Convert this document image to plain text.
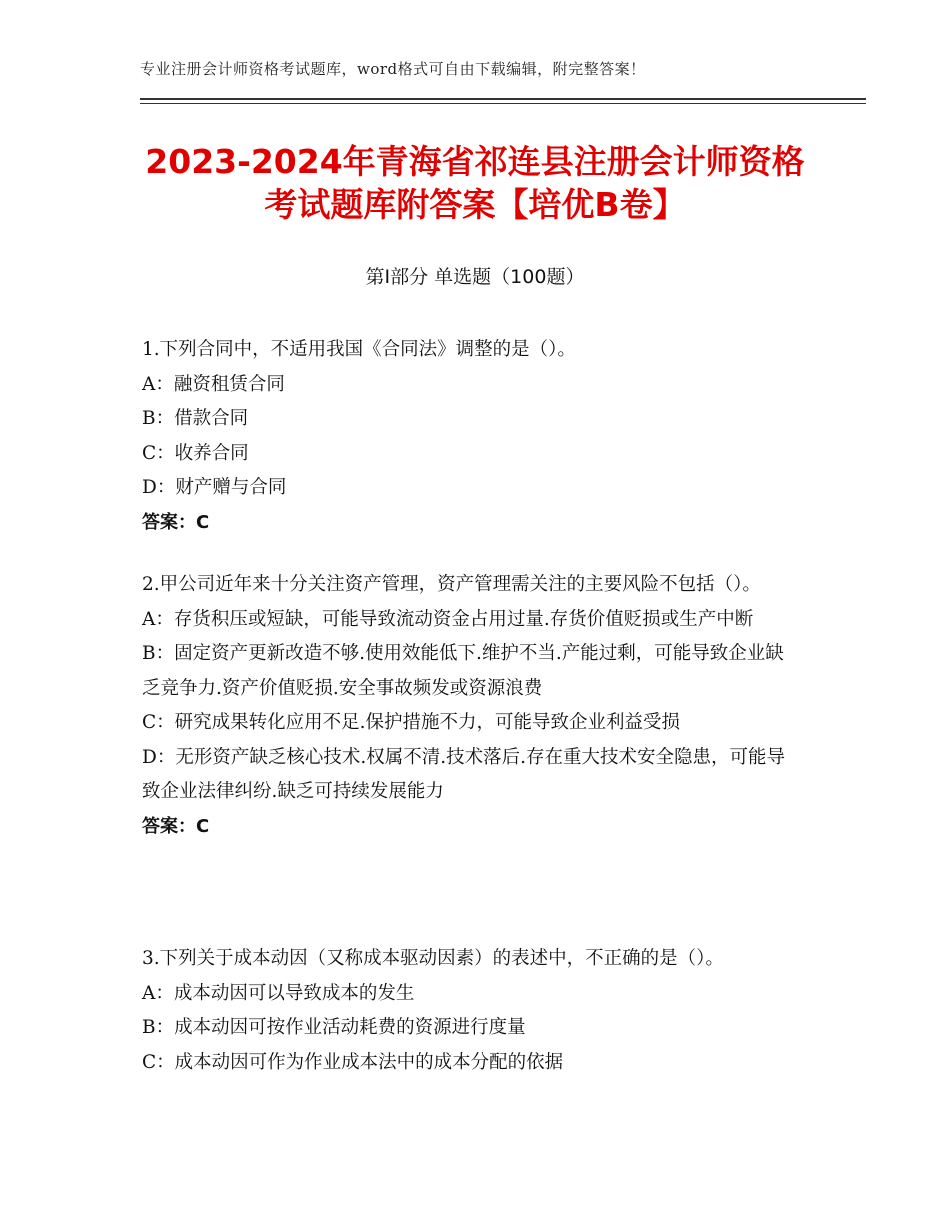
专业注册会计师资格考试题库，word格式可自由下载编辑，附完整答案！
2023-2024年青海省祁连县注册会计师资格
考试题库附答案【培优B卷】
第Ⅰ部分 单选题（100题）
1.下列合同中，不适用我国《合同法》调整的是（）。
A：融资租赁合同
B：借款合同
C：收养合同
D：财产赠与合同
答案：C
2.甲公司近年来十分关注资产管理，资产管理需关注的主要风险不包括（）。
A：存货积压或短缺，可能导致流动资金占用过量.存货价值贬损或生产中断
B：固定资产更新改造不够.使用效能低下.维护不当.产能过剩，可能导致企业缺乏竞争力.资产价值贬损.安全事故频发或资源浪费
C：研究成果转化应用不足.保护措施不力，可能导致企业利益受损
D：无形资产缺乏核心技术.权属不清.技术落后.存在重大技术安全隐患，可能导致企业法律纠纷.缺乏可持续发展能力
答案：C
3.下列关于成本动因（又称成本驱动因素）的表述中，不正确的是（）。
A：成本动因可以导致成本的发生
B：成本动因可按作业活动耗费的资源进行度量
C：成本动因可作为作业成本法中的成本分配的依据
